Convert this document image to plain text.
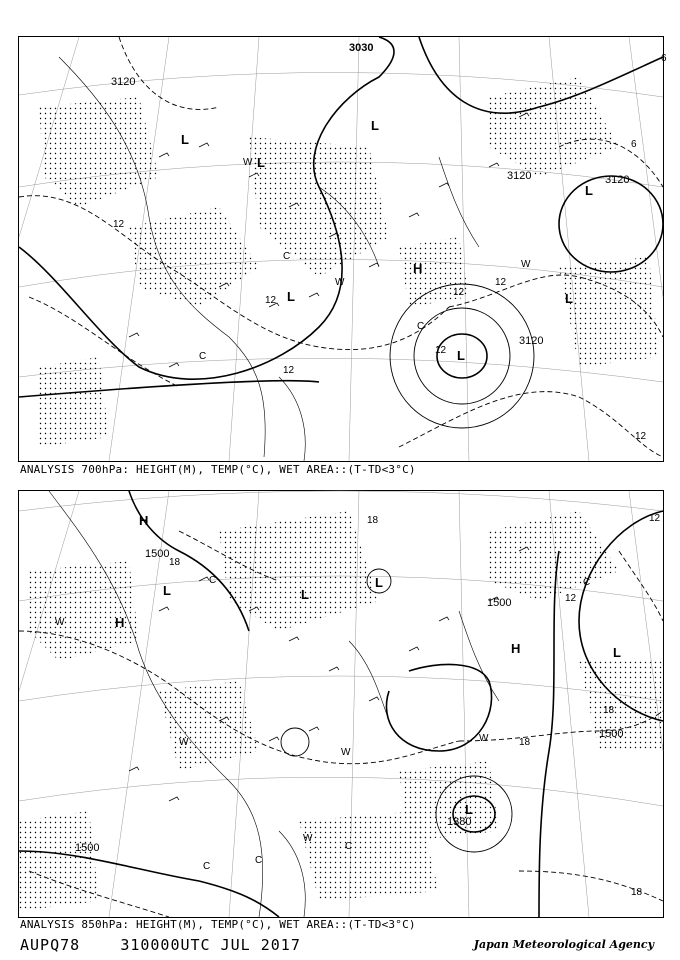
3120
3120	3120
3120
3030
12
12
12
12
12
12
12
6
6
L
L
L
L
L
L
L
H
W
W
W
C
C
C
ANALYSIS 700hPa: HEIGHT(M), TEMP(°C), WET AREA::(T-TD<3°C)
1500
1500
1500
1500
1380
18
18
18
18
18
12
12
H
H
H
L	L
L
L
L
W
W
W
W
W
C	C
C
C
C
ANALYSIS 850hPa: HEIGHT(M), TEMP(°C), WET AREA::(T-TD<3°C)
AUPQ78	310000UTC JUL 2017	Japan Meteorological Agency
